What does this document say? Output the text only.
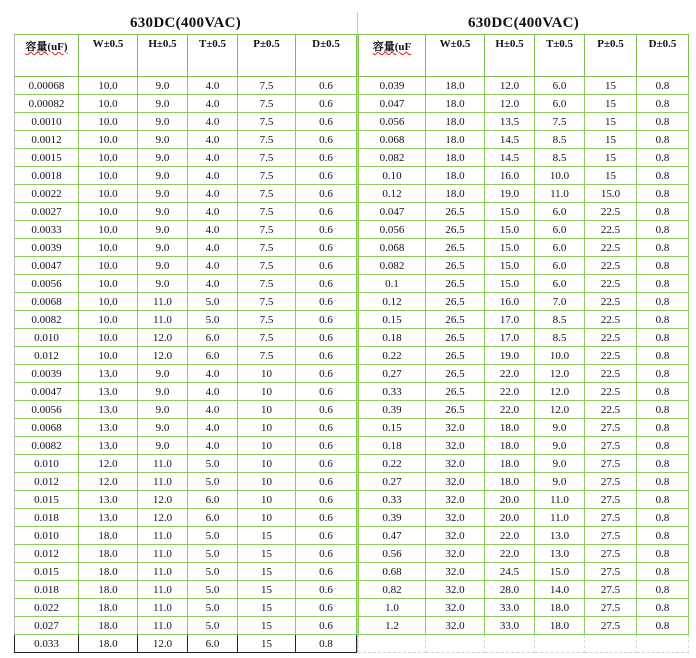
630DC(400VAC)					
容量(uF)	W±0.5	H±0.5	T±0.5	P±0.5	D±0.5
0.00068	10.0	9.0	4.0	7.5	0.6
0.00082	10.0	9.0	4.0	7.5	0.6
0.0010	10.0	9.0	4.0	7.5	0.6
0.0012	10.0	9.0	4.0	7.5	0.6
0.0015	10.0	9.0	4.0	7.5	0.6
0.0018	10.0	9.0	4.0	7.5	0.6
0.0022	10.0	9.0	4.0	7.5	0.6
0.0027	10.0	9.0	4.0	7.5	0.6
0.0033	10.0	9.0	4.0	7.5	0.6
0.0039	10.0	9.0	4.0	7.5	0.6
0.0047	10.0	9.0	4.0	7.5	0.6
0.0056	10.0	9.0	4.0	7.5	0.6
0.0068	10.0	11.0	5.0	7.5	0.6
0.0082	10.0	11.0	5.0	7.5	0.6
0.010	10.0	12.0	6.0	7.5	0.6
0.012	10.0	12.0	6.0	7.5	0.6
0.0039	13.0	9.0	4.0	10	0.6
0.0047	13.0	9.0	4.0	10	0.6
0.0056	13.0	9.0	4.0	10	0.6
0.0068	13.0	9.0	4.0	10	0.6
0.0082	13.0	9.0	4.0	10	0.6
0.010	12.0	11.0	5.0	10	0.6
0.012	12.0	11.0	5.0	10	0.6
0.015	13.0	12.0	6.0	10	0.6
0.018	13.0	12.0	6.0	10	0.6
0.010	18.0	11.0	5.0	15	0.6
0.012	18.0	11.0	5.0	15	0.6
0.015	18.0	11.0	5.0	15	0.6
0.018	18.0	11.0	5.0	15	0.6
0.022	18.0	11.0	5.0	15	0.6
0.027	18.0	11.0	5.0	15	0.6
0.033	18.0	12.0	6.0	15	0.8
630DC(400VAC)					
容量(uF	W±0.5	H±0.5	T±0.5	P±0.5	D±0.5
0.039	18.0	12.0	6.0	15	0.8
0.047	18.0	12.0	6.0	15	0.8
0.056	18.0	13.5	7.5	15	0.8
0.068	18.0	14.5	8.5	15	0.8
0.082	18.0	14.5	8.5	15	0.8
0.10	18.0	16.0	10.0	15	0.8
0.12	18.0	19.0	11.0	15.0	0.8
0.047	26.5	15.0	6.0	22.5	0.8
0.056	26.5	15.0	6.0	22.5	0.8
0.068	26.5	15.0	6.0	22.5	0.8
0.082	26.5	15.0	6.0	22.5	0.8
0.1	26.5	15.0	6.0	22.5	0.8
0.12	26.5	16.0	7.0	22.5	0.8
0.15	26.5	17.0	8.5	22.5	0.8
0.18	26.5	17.0	8.5	22.5	0.8
0.22	26.5	19.0	10.0	22.5	0.8
0.27	26.5	22.0	12.0	22.5	0.8
0.33	26.5	22.0	12.0	22.5	0.8
0.39	26.5	22.0	12.0	22.5	0.8
0.15	32.0	18.0	9.0	27.5	0.8
0.18	32.0	18.0	9.0	27.5	0.8
0.22	32.0	18.0	9.0	27.5	0.8
0.27	32.0	18.0	9.0	27.5	0.8
0.33	32.0	20.0	11.0	27.5	0.8
0.39	32.0	20.0	11.0	27.5	0.8
0.47	32.0	22.0	13.0	27.5	0.8
0.56	32.0	22.0	13.0	27.5	0.8
0.68	32.0	24.5	15.0	27.5	0.8
0.82	32.0	28.0	14.0	27.5	0.8
1.0	32.0	33.0	18.0	27.5	0.8
1.2	32.0	33.0	18.0	27.5	0.8
